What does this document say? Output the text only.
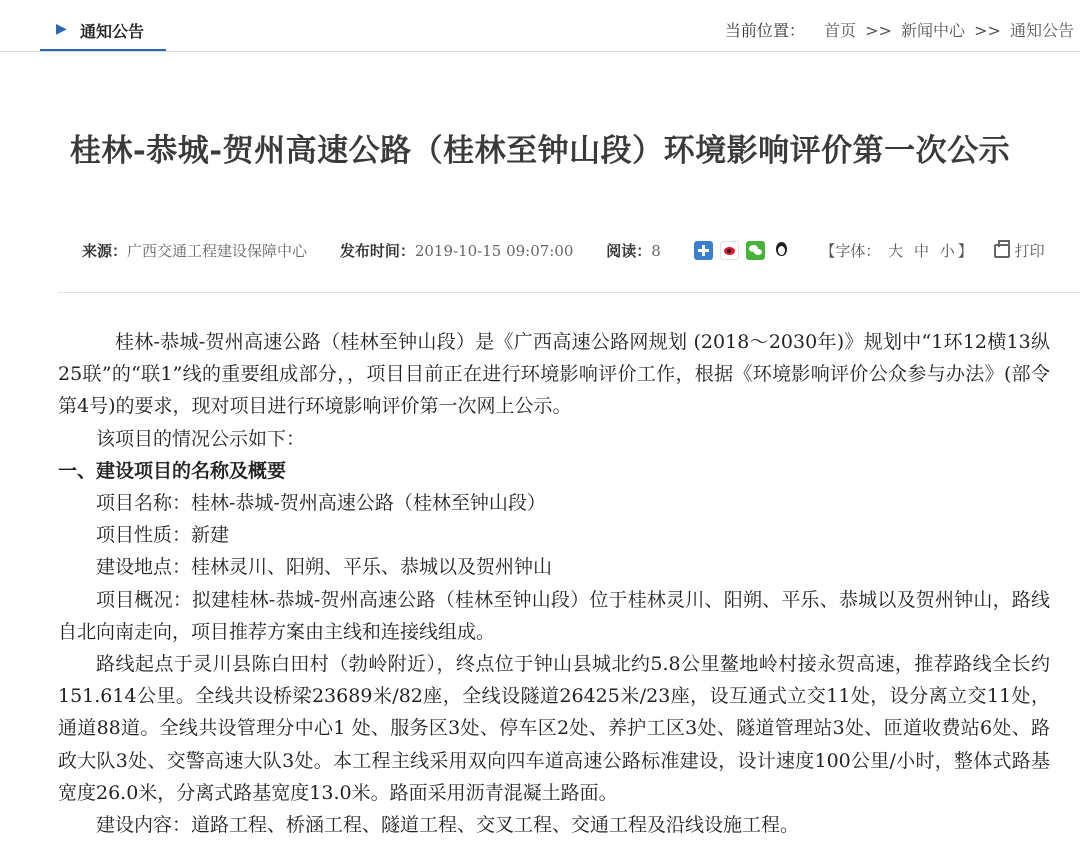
▶ 通知公告	当前位置： 首页 >> 新闻中心 >> 通知公告
桂林-恭城-贺州高速公路（桂林至钟山段）环境影响评价第一次公示
来源：广西交通工程建设保障中心 发布时间：2019-10-15 09:07:00 阅读：8	【字体： 大 中 小 】	打印

桂林-恭城-贺州高速公路（桂林至钟山段）是《广西高速公路网规划 (2018～2030年)》规划中“1环12横13纵25联”的“联1”线的重要组成部分，，项目目前正在进行环境影响评价工作，根据《环境影响评价公众参与办法》(部令第4号)的要求，现对项目进行环境影响评价第一次网上公示。

该项目的情况公示如下：

一、建设项目的名称及概要

项目名称：桂林-恭城-贺州高速公路（桂林至钟山段）

项目性质：新建

建设地点：桂林灵川、阳朔、平乐、恭城以及贺州钟山

项目概况：拟建桂林-恭城-贺州高速公路（桂林至钟山段）位于桂林灵川、阳朔、平乐、恭城以及贺州钟山，路线自北向南走向，项目推荐方案由主线和连接线组成。

路线起点于灵川县陈白田村（勃岭附近），终点位于钟山县城北约5.8公里鳌地岭村接永贺高速，推荐路线全长约151.614公里。全线共设桥梁23689米/82座，全线设隧道26425米/23座，设互通式立交11处，设分离立交11处，通道88道。全线共设管理分中心1 处、服务区3处、停车区2处、养护工区3处、隧道管理站3处、匝道收费站6处、路政大队3处、交警高速大队3处。本工程主线采用双向四车道高速公路标准建设，设计速度100公里/小时，整体式路基宽度26.0米，分离式路基宽度13.0米。路面采用沥青混凝土路面。

建设内容：道路工程、桥涵工程、隧道工程、交叉工程、交通工程及沿线设施工程。
